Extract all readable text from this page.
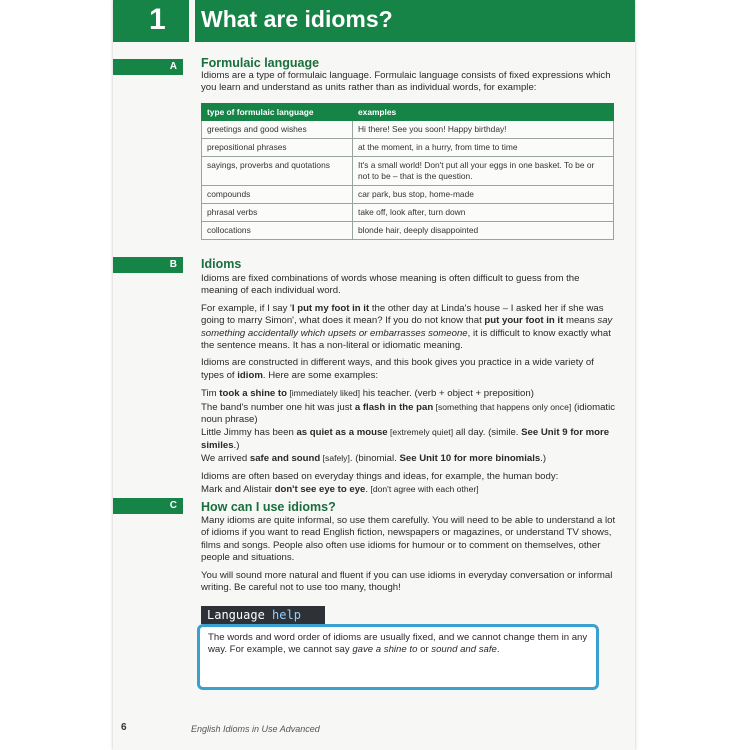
1 What are idioms?
A	Formulaic language

Idioms are a type of formulaic language. Formulaic language consists of fixed expressions which you learn and understand as units rather than as individual words, for example:

type of formulaic language	examples
greetings and good wishes	Hi there! See you soon! Happy birthday!
prepositional phrases	at the moment, in a hurry, from time to time
sayings, proverbs and quotations	It's a small world! Don't put all your eggs in one basket. To be or not to be – that is the question.
compounds	car park, bus stop, home-made
phrasal verbs	take off, look after, turn down
collocations	blonde hair, deeply disappointed
B	Idioms

Idioms are fixed combinations of words whose meaning is often difficult to guess from the meaning of each individual word.

For example, if I say 'I put my foot in it the other day at Linda's house – I asked her if she was going to marry Simon', what does it mean? If you do not know that put your foot in it means say something accidentally which upsets or embarrasses someone, it is difficult to know exactly what the sentence means. It has a non-literal or idiomatic meaning.

Idioms are constructed in different ways, and this book gives you practice in a wide variety of types of idiom. Here are some examples:

Tim took a shine to [immediately liked] his teacher. (verb + object + preposition)
The band's number one hit was just a flash in the pan [something that happens only once] (idiomatic noun phrase)
Little Jimmy has been as quiet as a mouse [extremely quiet] all day. (simile. See Unit 9 for more similes.)
We arrived safe and sound [safely]. (binomial. See Unit 10 for more binomials.)
Idioms are often based on everyday things and ideas, for example, the human body:
Mark and Alistair don't see eye to eye. [don't agree with each other]
C	How can I use idioms?

Many idioms are quite informal, so use them carefully. You will need to be able to understand a lot of idioms if you want to read English fiction, newspapers or magazines, or understand TV shows, films and songs. People also often use idioms for humour or to comment on themselves, other people and situations.

You will sound more natural and fluent if you can use idioms in everyday conversation or informal writing. Be careful not to use too many, though!

Language help
The words and word order of idioms are usually fixed, and we cannot change them in any way. For example, we cannot say gave a shine to or sound and safe.
6	English Idioms in Use Advanced
